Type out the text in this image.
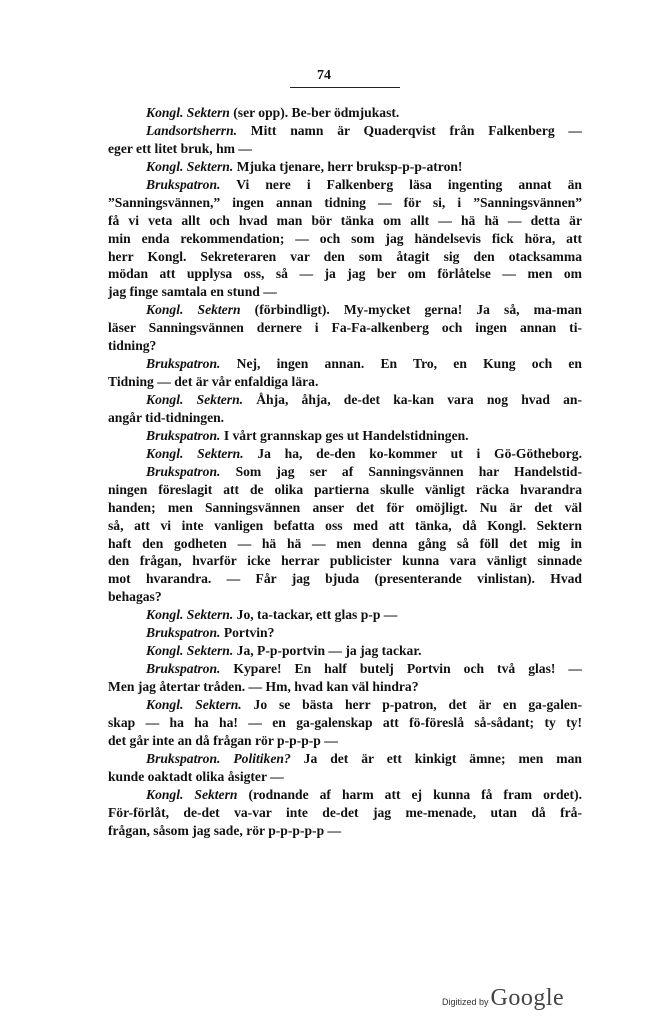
74
Kongl. Sektern (ser opp). Be-ber ödmjukast.
Landsortsherrn. Mitt namn är Quaderqvist från Falkenberg —
eger ett litet bruk, hm —
Kongl. Sektern. Mjuka tjenare, herr bruksp-p-p-atron!
Brukspatron. Vi nere i Falkenberg läsa ingenting annat än
”Sanningsvännen,” ingen annan tidning — för si, i ”Sanningsvännen”
få vi veta allt och hvad man bör tänka om allt — hä hä — detta är
min enda rekommendation; — och som jag händelsevis fick höra, att
herr Kongl. Sekreteraren var den som åtagit sig den otacksamma
mödan att upplysa oss, så — ja jag ber om förlåtelse — men om
jag finge samtala en stund —
Kongl. Sektern (förbindligt). My-mycket gerna! Ja så, ma-man
läser Sanningsvännen dernere i Fa-Fa-alkenberg och ingen annan ti-
tidning?
Brukspatron. Nej, ingen annan. En Tro, en Kung och en
Tidning — det är vår enfaldiga lära.
Kongl. Sektern. Åhja, åhja, de-det ka-kan vara nog hvad an-
angår tid-tidningen.
Brukspatron. I vårt grannskap ges ut Handelstidningen.
Kongl. Sektern. Ja ha, de-den ko-kommer ut i Gö-Götheborg.
Brukspatron. Som jag ser af Sanningsvännen har Handelstid-
ningen föreslagit att de olika partierna skulle vänligt räcka hvarandra
handen; men Sanningsvännen anser det för omöjligt. Nu är det väl
så, att vi inte vanligen befatta oss med att tänka, då Kongl. Sektern
haft den godheten — hä hä — men denna gång så föll det mig in
den frågan, hvarför icke herrar publicister kunna vara vänligt sinnade
mot hvarandra. — Får jag bjuda (presenterande vinlistan). Hvad
behagas?
Kongl. Sektern. Jo, ta-tackar, ett glas p-p —
Brukspatron. Portvin?
Kongl. Sektern. Ja, P-p-portvin — ja jag tackar.
Brukspatron. Kypare! En half butelj Portvin och två glas! —
Men jag återtar tråden. — Hm, hvad kan väl hindra?
Kongl. Sektern. Jo se bästa herr p-patron, det är en ga-galen-
skap — ha ha ha! — en ga-galenskap att fö-föreslå så-sådant; ty ty!
det går inte an då frågan rör p-p-p-p —
Brukspatron. Politiken? Ja det är ett kinkigt ämne; men man
kunde oaktadt olika åsigter —
Kongl. Sektern (rodnande af harm att ej kunna få fram ordet).
För-förlåt, de-det va-var inte de-det jag me-menade, utan då frå-
frågan, såsom jag sade, rör p-p-p-p-p —
Digitized by Google
